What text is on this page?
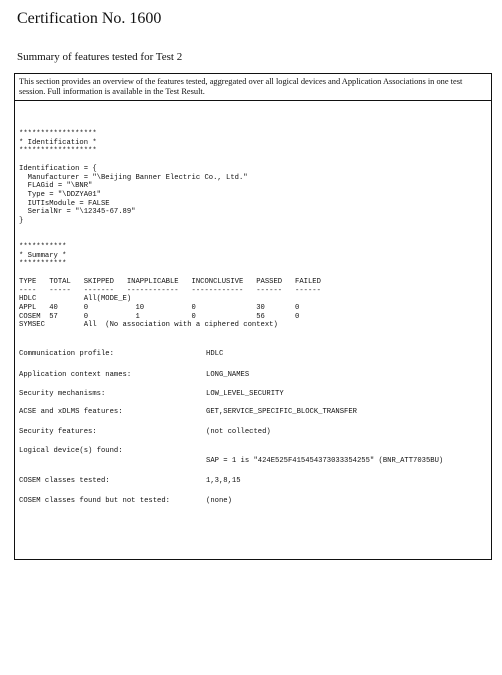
Certification No. 1600
Summary of features tested for Test 2
This section provides an overview of the features tested, aggregated over all logical devices and Application Associations in one test session. Full information is available in the Test Result.
******************
* Identification *
******************

Identification = {
Manufacturer = "\Beijing Banner Electric Co., Ltd."
FLAGid = "\BNR"
Type = "\DDZYA01"
IUTIsModule = FALSE
SerialNr = "\12345-67.89"
}
***********
* Summary *
***********

TYPE   TOTAL   SKIPPED   INAPPLICABLE   INCONCLUSIVE   PASSED   FAILED
----   -----   -------   ------------   ------------   ------   ------
HDLC           All(MODE_E)
APPL   40      0           10           0              30       0
COSEM  57      0           1            0              56       0
SYMSEC         All  (No association with a ciphered context)
Communication profile:	HDLC
Application context names:	LONG_NAMES
Security mechanisms:	LOW_LEVEL_SECURITY
ACSE and xDLMS features:	GET,SERVICE_SPECIFIC_BLOCK_TRANSFER
Security features:	(not collected)
Logical device(s) found:
SAP = 1 is "424E525F415454373033354255" (BNR_ATT7035BU)
COSEM classes tested:	1,3,8,15
COSEM classes found but not tested:	(none)
